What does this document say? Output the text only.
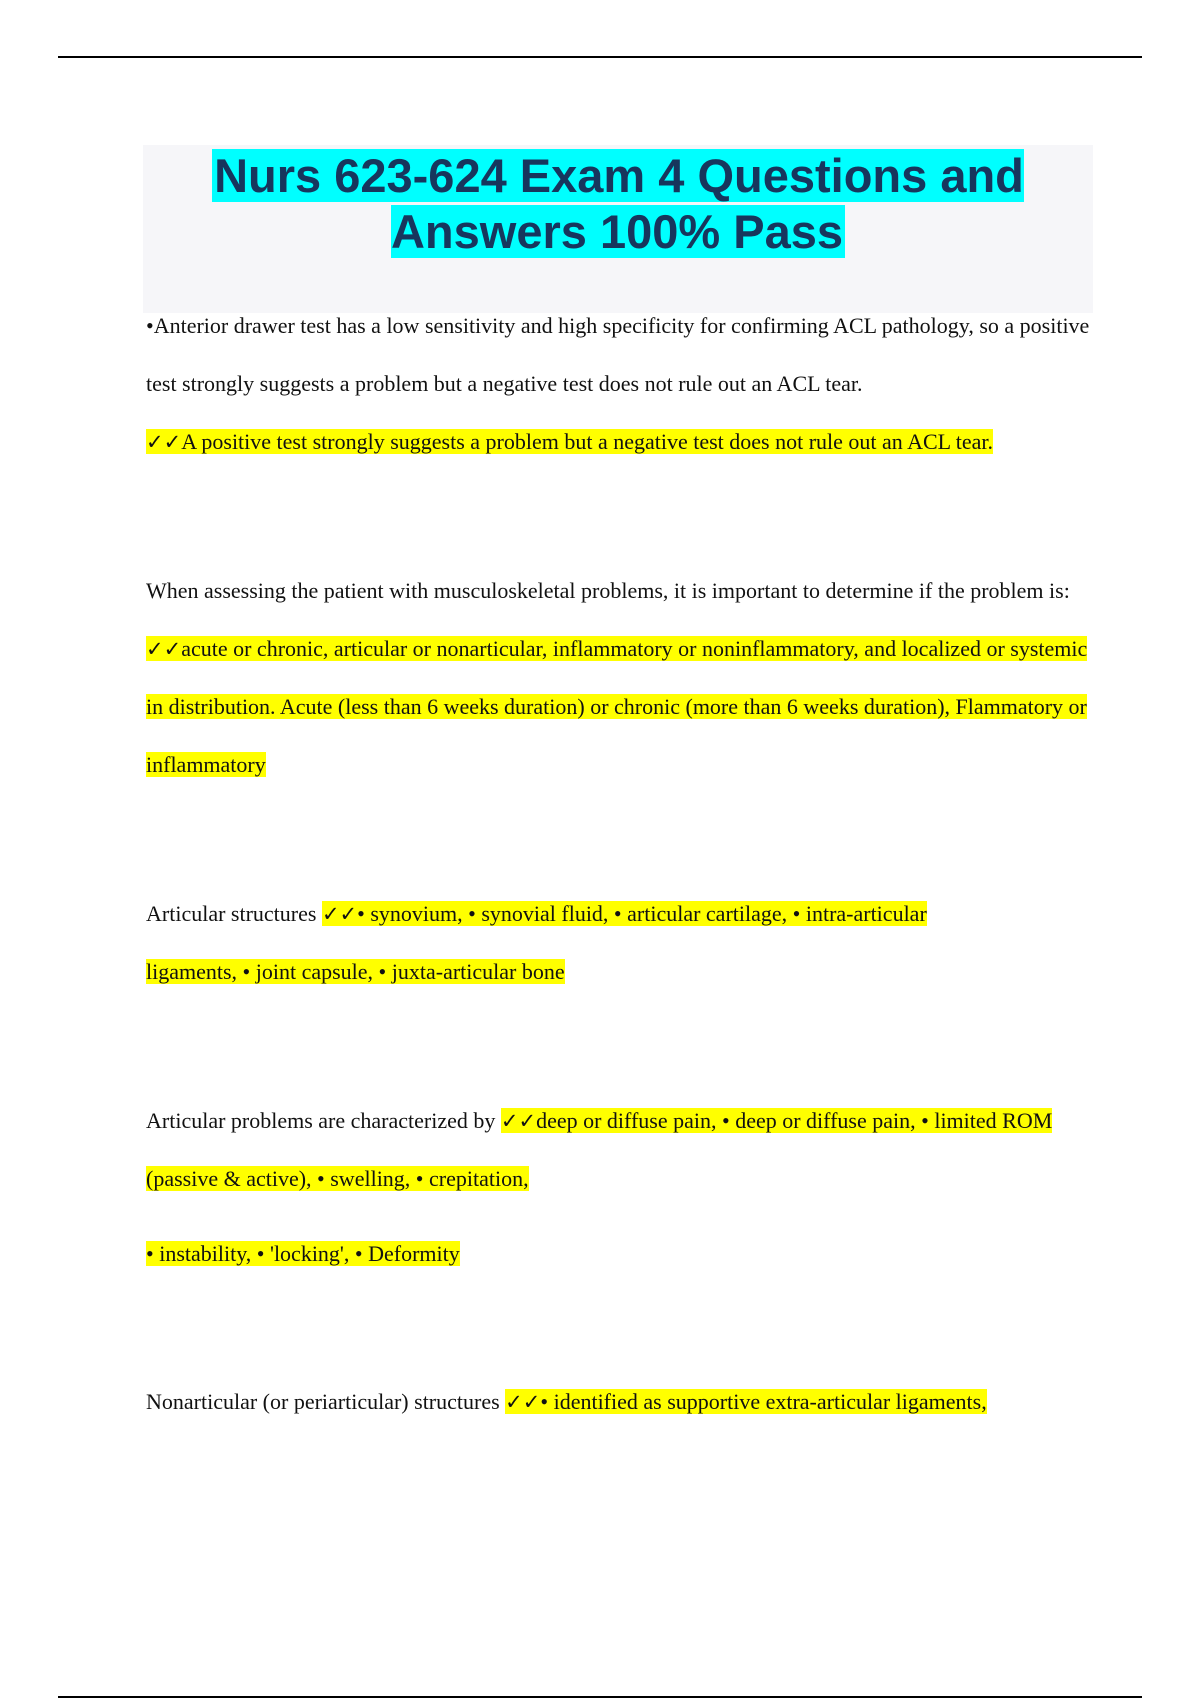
Nurs 623-624 Exam 4 Questions and Answers 100% Pass

•Anterior drawer test has a low sensitivity and high specificity for confirming ACL pathology, so a positive test strongly suggests a problem but a negative test does not rule out an ACL tear.
✓✓A positive test strongly suggests a problem but a negative test does not rule out an ACL tear.

When assessing the patient with musculoskeletal problems, it is important to determine if the problem is: ✓✓acute or chronic, articular or nonarticular, inflammatory or noninflammatory, and localized or systemic in distribution. Acute (less than 6 weeks duration) or chronic (more than 6 weeks duration), Flammatory or inflammatory

Articular structures ✓✓• synovium, • synovial fluid, • articular cartilage, • intra-articular ligaments, • joint capsule, • juxta-articular bone

Articular problems are characterized by ✓✓deep or diffuse pain, • deep or diffuse pain, • limited ROM (passive & active), • swelling, • crepitation,

• instability, • 'locking', • Deformity

Nonarticular (or periarticular) structures ✓✓• identified as supportive extra-articular ligaments,
